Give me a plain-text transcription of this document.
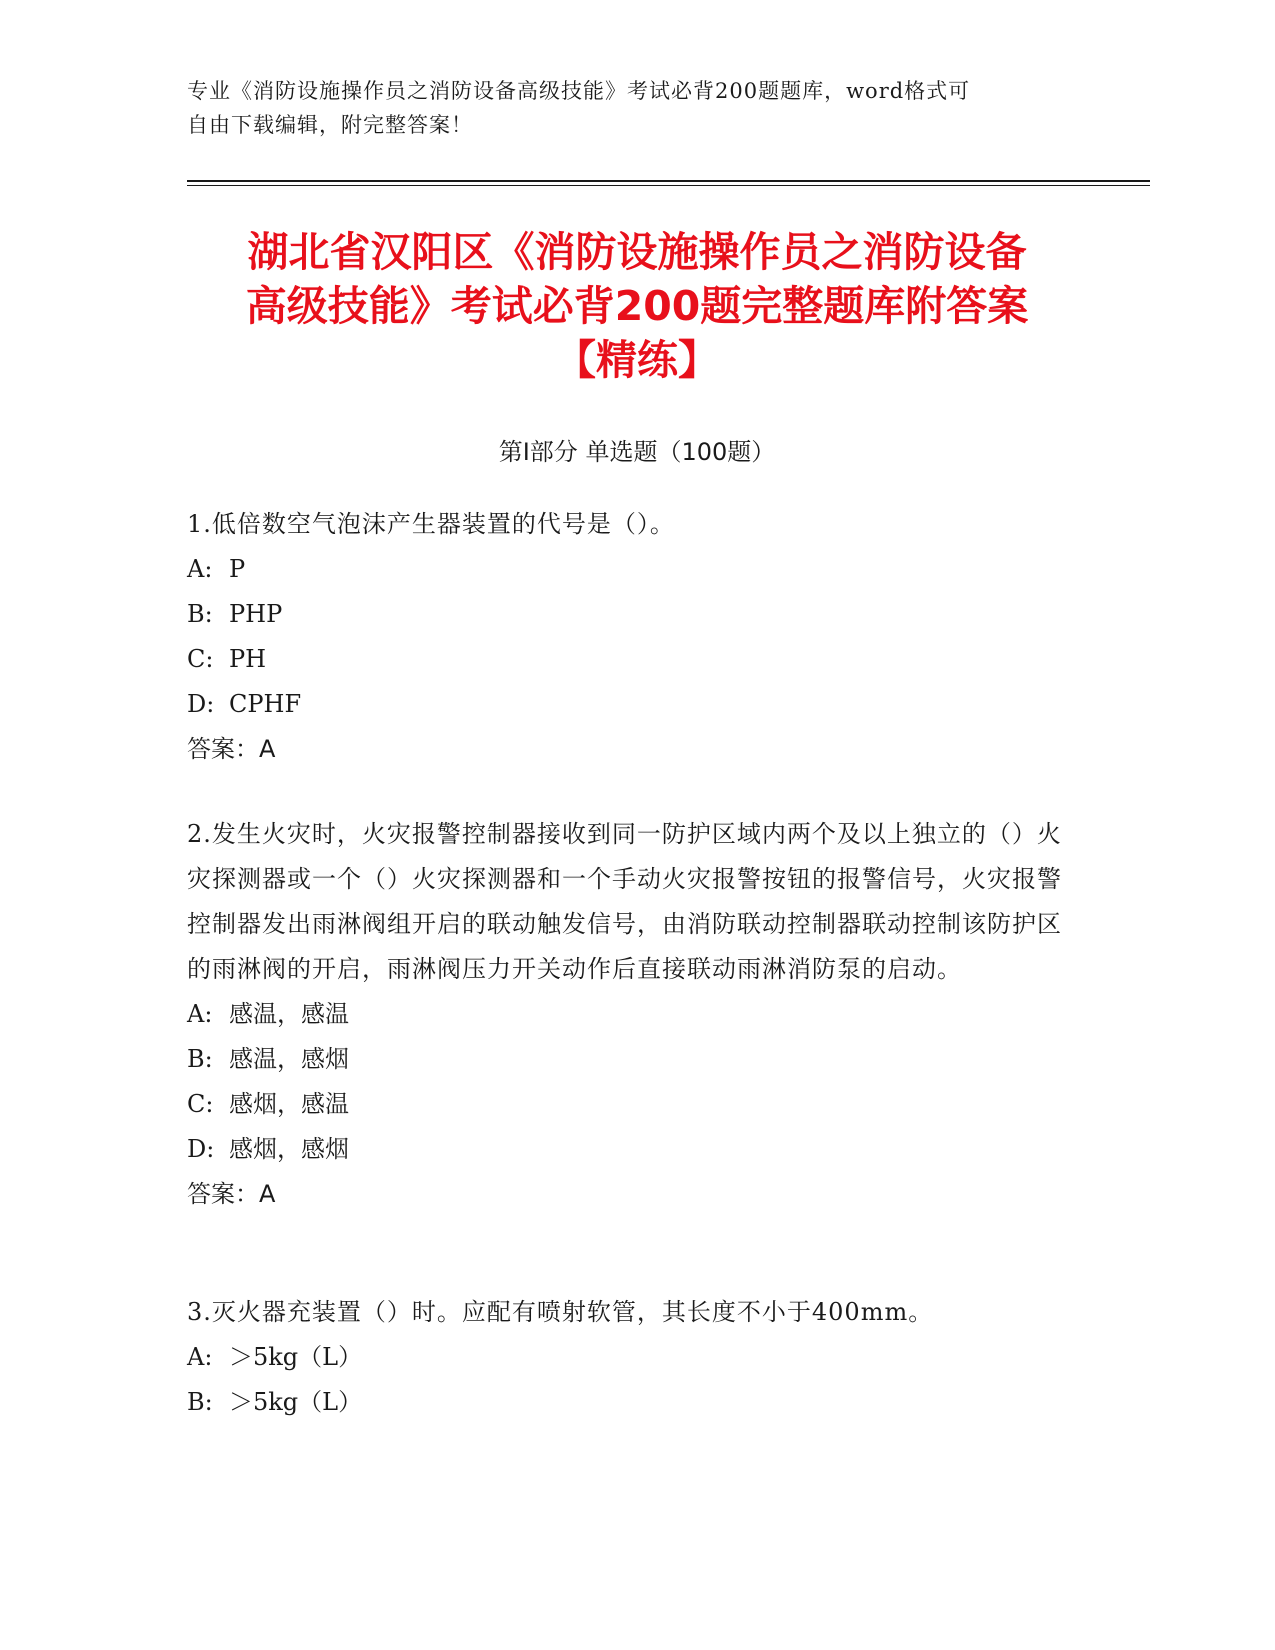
专业《消防设施操作员之消防设备高级技能》考试必背200题题库，word格式可
自由下载编辑，附完整答案！
湖北省汉阳区《消防设施操作员之消防设备
高级技能》考试必背200题完整题库附答案
【精练】
第Ⅰ部分 单选题（100题）
1.低倍数空气泡沫产生器装置的代号是（）。
A: P
B: PHP
C: PH
D: CPHF
答案：A
2.发生火灾时，火灾报警控制器接收到同一防护区域内两个及以上独立的（）火灾探测器或一个（）火灾探测器和一个手动火灾报警按钮的报警信号，火灾报警控制器发出雨淋阀组开启的联动触发信号，由消防联动控制器联动控制该防护区的雨淋阀的开启，雨淋阀压力开关动作后直接联动雨淋消防泵的启动。
A: 感温，感温
B: 感温，感烟
C: 感烟，感温
D: 感烟，感烟
答案：A
3.灭火器充装置（）时。应配有喷射软管，其长度不小于400mm。
A: ＞5kg（L）
B: ＞5kg（L）
